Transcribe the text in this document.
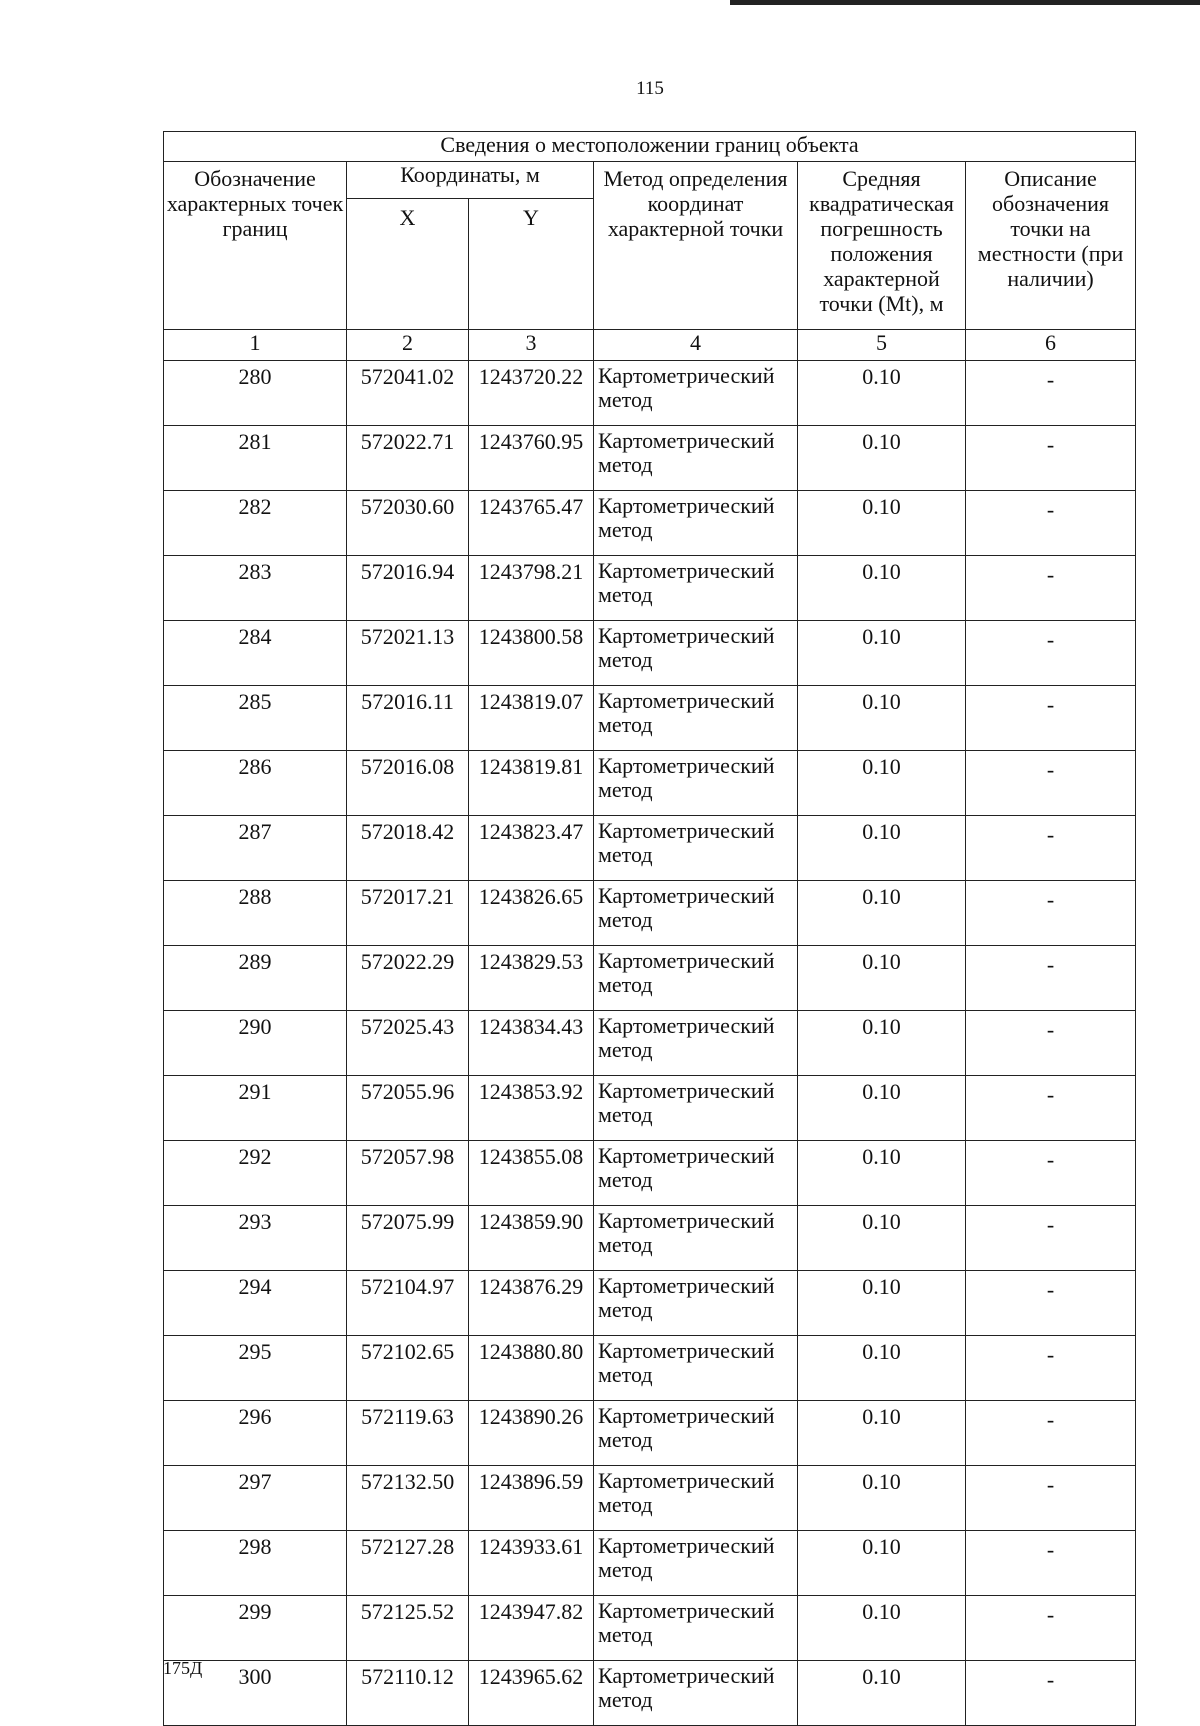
115
Сведения о местоположении границ объекта					
Обозначение характерных точек границ	Координаты, м		Метод определения координат характерной точки	Средняя квадратическая погрешность положения характерной точки (Mt), м	Описание обозначения точки на местности (при наличии)
	X	Y			
1	2	3	4	5	6
280	572041.02	1243720.22	Картометрический метод	0.10	-
281	572022.71	1243760.95	Картометрический метод	0.10	-
282	572030.60	1243765.47	Картометрический метод	0.10	-
283	572016.94	1243798.21	Картометрический метод	0.10	-
284	572021.13	1243800.58	Картометрический метод	0.10	-
285	572016.11	1243819.07	Картометрический метод	0.10	-
286	572016.08	1243819.81	Картометрический метод	0.10	-
287	572018.42	1243823.47	Картометрический метод	0.10	-
288	572017.21	1243826.65	Картометрический метод	0.10	-
289	572022.29	1243829.53	Картометрический метод	0.10	-
290	572025.43	1243834.43	Картометрический метод	0.10	-
291	572055.96	1243853.92	Картометрический метод	0.10	-
292	572057.98	1243855.08	Картометрический метод	0.10	-
293	572075.99	1243859.90	Картометрический метод	0.10	-
294	572104.97	1243876.29	Картометрический метод	0.10	-
295	572102.65	1243880.80	Картометрический метод	0.10	-
296	572119.63	1243890.26	Картометрический метод	0.10	-
297	572132.50	1243896.59	Картометрический метод	0.10	-
298	572127.28	1243933.61	Картометрический метод	0.10	-
299	572125.52	1243947.82	Картометрический метод	0.10	-
300	572110.12	1243965.62	Картометрический метод	0.10	-
175Д
